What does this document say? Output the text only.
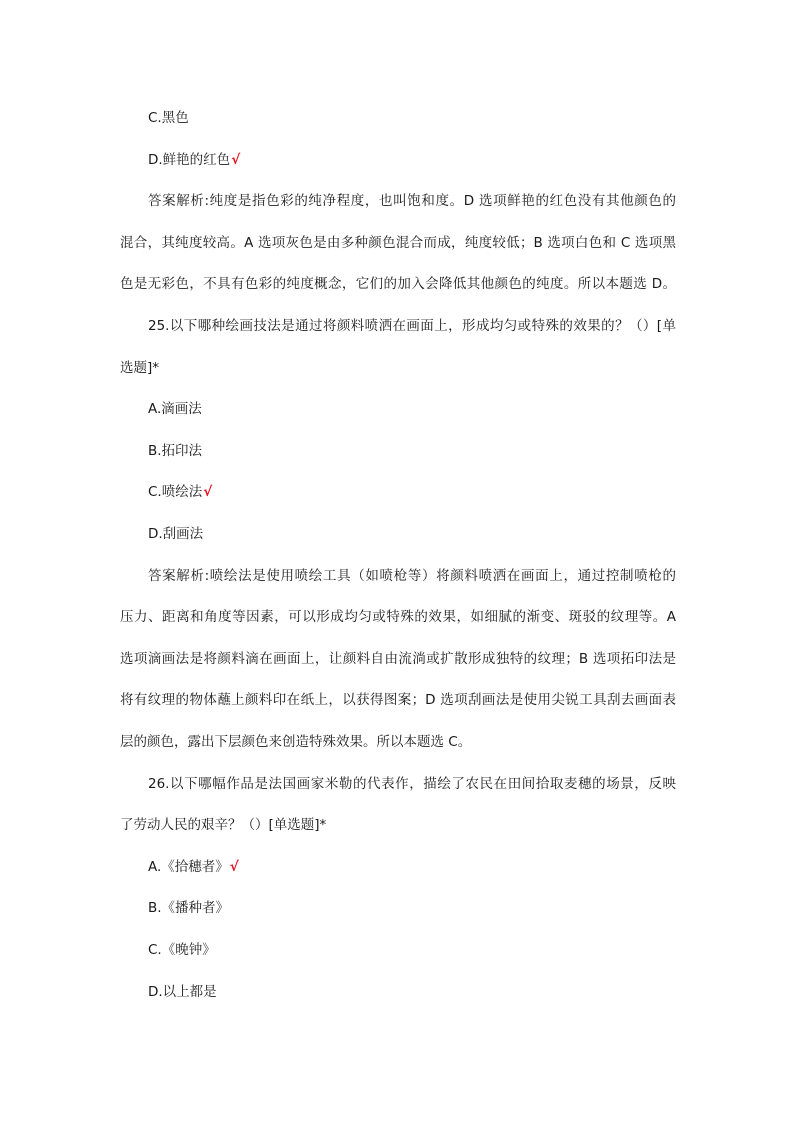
C.黑色
D.鲜艳的红色√
答案解析:纯度是指色彩的纯净程度，也叫饱和度。D 选项鲜艳的红色没有其他颜色的
混合，其纯度较高。A 选项灰色是由多种颜色混合而成，纯度较低；B 选项白色和 C 选项黑
色是无彩色，不具有色彩的纯度概念，它们的加入会降低其他颜色的纯度。所以本题选 D。
25.以下哪种绘画技法是通过将颜料喷洒在画面上，形成均匀或特殊的效果的？（）[单
选题]*
A.滴画法
B.拓印法
C.喷绘法√
D.刮画法
答案解析:喷绘法是使用喷绘工具（如喷枪等）将颜料喷洒在画面上，通过控制喷枪的
压力、距离和角度等因素，可以形成均匀或特殊的效果，如细腻的渐变、斑驳的纹理等。A
选项滴画法是将颜料滴在画面上，让颜料自由流淌或扩散形成独特的纹理；B 选项拓印法是
将有纹理的物体蘸上颜料印在纸上，以获得图案；D 选项刮画法是使用尖锐工具刮去画面表
层的颜色，露出下层颜色来创造特殊效果。所以本题选 C。
26.以下哪幅作品是法国画家米勒的代表作，描绘了农民在田间拾取麦穗的场景，反映
了劳动人民的艰辛？（）[单选题]*
A.《拾穗者》√
B.《播种者》
C.《晚钟》
D.以上都是
